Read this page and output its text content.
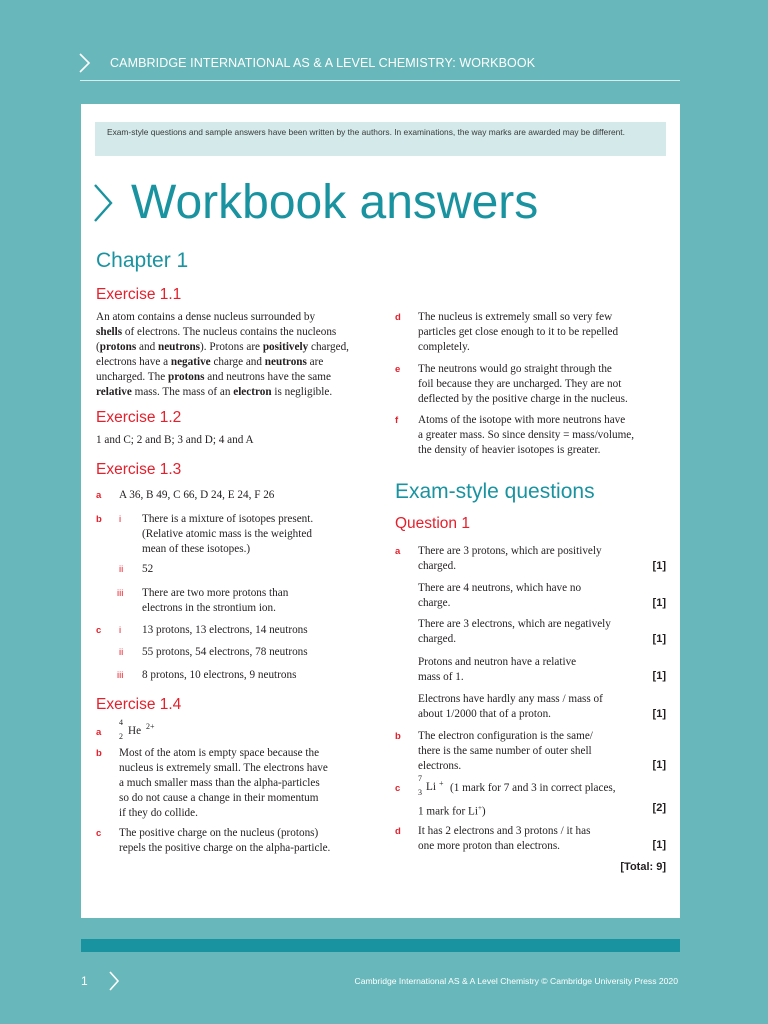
CAMBRIDGE INTERNATIONAL AS & A LEVEL CHEMISTRY: WORKBOOK
Exam-style questions and sample answers have been written by the authors. In examinations, the way marks are awarded may be different.
Workbook answers
Chapter 1
Exercise 1.1
An atom contains a dense nucleus surrounded by
shells of electrons. The nucleus contains the nucleons
(protons and neutrons). Protons are positively charged,
electrons have a negative charge and neutrons are
uncharged. The protons and neutrons have the same
relative mass. The mass of an electron is negligible.
Exercise 1.2
1 and C; 2 and B; 3 and D; 4 and A
Exercise 1.3
a A 36, B 49, C 66, D 24, E 24, F 26
b i There is a mixture of isotopes present.
(Relative atomic mass is the weighted
mean of these isotopes.)
ii 52
iii There are two more protons than
electrons in the strontium ion.
c i 13 protons, 13 electrons, 14 neutrons
ii 55 protons, 54 electrons, 78 neutrons
iii 8 protons, 10 electrons, 9 neutrons
Exercise 1.4
a
4
2 He 2+
b Most of the atom is empty space because the
nucleus is extremely small. The electrons have
a much smaller mass than the alpha-particles
so do not cause a change in their momentum
if they do collide.
c The positive charge on the nucleus (protons)
repels the positive charge on the alpha-particle.
d The nucleus is extremely small so very few
particles get close enough to it to be repelled
completely.
e The neutrons would go straight through the
foil because they are uncharged. They are not
deflected by the positive charge in the nucleus.
f Atoms of the isotope with more neutrons have
a greater mass. So since density = mass/volume,
the density of heavier isotopes is greater.
Exam-style questions
Question 1
a There are 3 protons, which are positively
charged.	[1]
There are 4 neutrons, which have no
charge.	[1]
There are 3 electrons, which are negatively
charged.	[1]
Protons and neutron have a relative
mass of 1.	[1]
Electrons have hardly any mass / mass of
about 1/2000 that of a proton.	[1]
b The electron configuration is the same/
there is the same number of outer shell
electrons.	[1]
c
7
3 Li + (1 mark for 7 and 3 in correct places,
1 mark for Li+)	[2]
d It has 2 electrons and 3 protons / it has
one more proton than electrons.	[1]
[Total: 9]
1	Cambridge International AS & A Level Chemistry © Cambridge University Press 2020
